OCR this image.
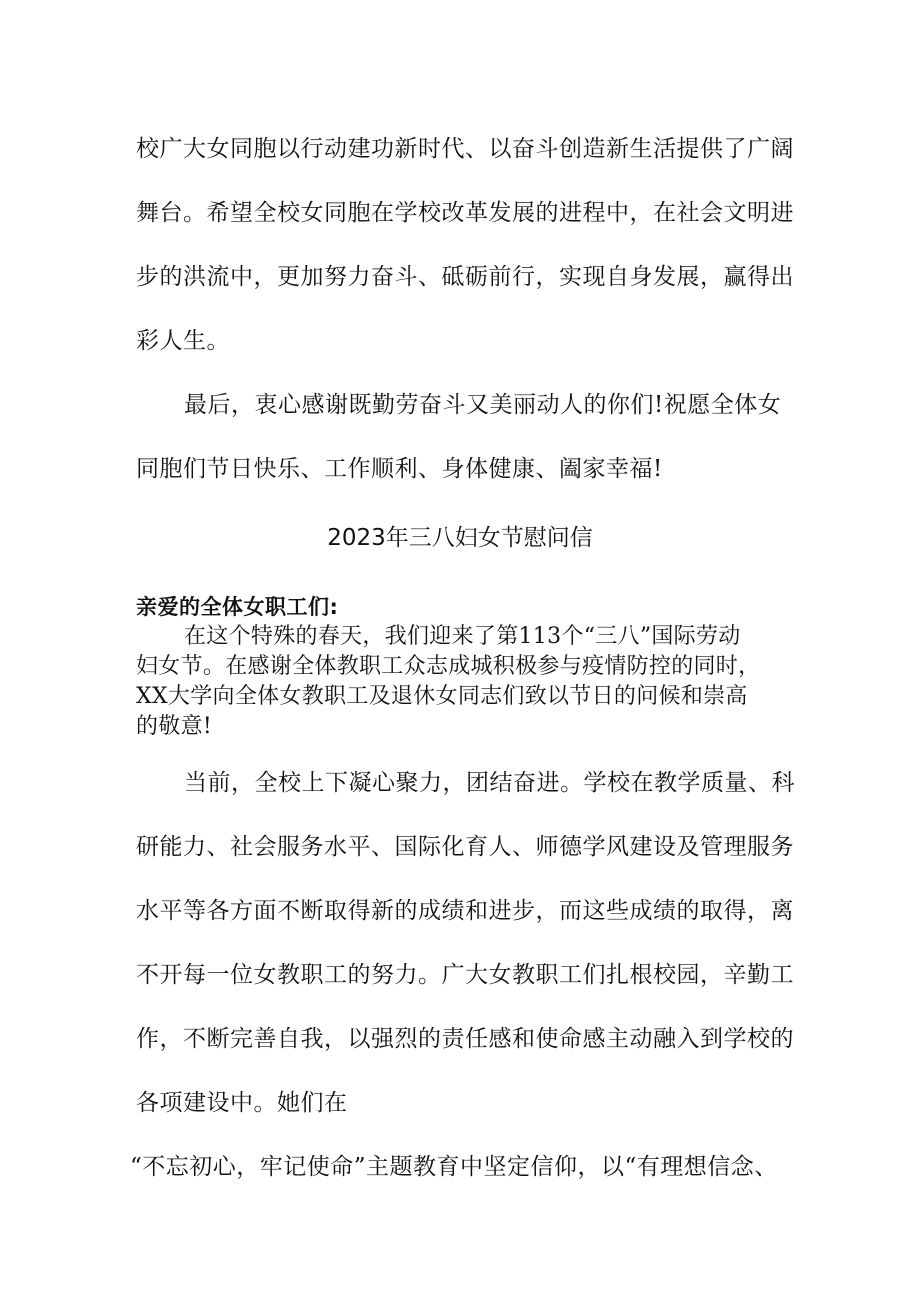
校广大女同胞以行动建功新时代、以奋斗创造新生活提供了广阔
舞台。希望全校女同胞在学校改革发展的进程中，在社会文明进
步的洪流中，更加努力奋斗、砥砺前行，实现自身发展，赢得出
彩人生。
最后，衷心感谢既勤劳奋斗又美丽动人的你们!祝愿全体女
同胞们节日快乐、工作顺利、身体健康、阖家幸福!
2023年三八妇女节慰问信
亲爱的全体女职工们:
在这个特殊的春天，我们迎来了第113个“三八”国际劳动
妇女节。在感谢全体教职工众志成城积极参与疫情防控的同时，
XX大学向全体女教职工及退休女同志们致以节日的问候和崇高
的敬意!
当前，全校上下凝心聚力，团结奋进。学校在教学质量、科
研能力、社会服务水平、国际化育人、师德学风建设及管理服务
水平等各方面不断取得新的成绩和进步，而这些成绩的取得，离
不开每一位女教职工的努力。广大女教职工们扎根校园，辛勤工
作，不断完善自我，以强烈的责任感和使命感主动融入到学校的
各项建设中。她们在
“不忘初心，牢记使命”主题教育中坚定信仰，以“有理想信念、
